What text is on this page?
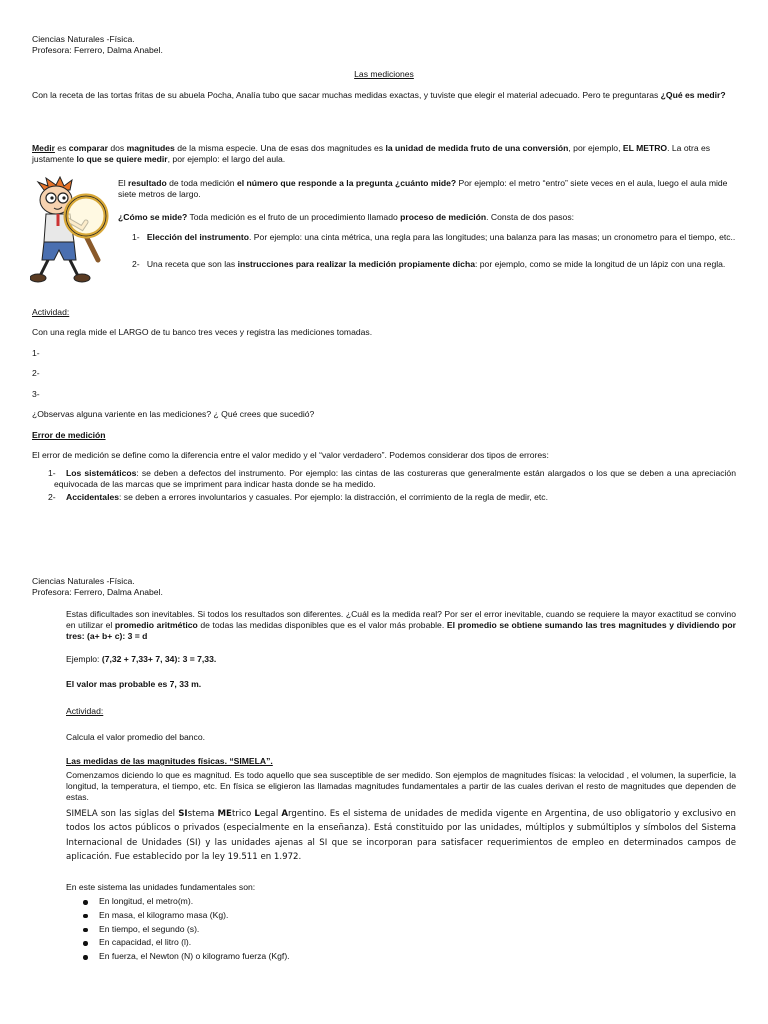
Ciencias Naturales -Física.
Profesora: Ferrero, Dalma Anabel.
Las mediciones
Con la receta de las tortas fritas de su abuela Pocha, Analía tubo que sacar muchas medidas exactas, y tuviste que elegir el material adecuado. Pero te preguntaras ¿Qué es medir?
Medir es comparar dos magnitudes de la misma especie. Una de esas dos magnitudes es la unidad de medida fruto de una conversión, por ejemplo, EL METRO. La otra es justamente lo que se quiere medir, por ejemplo: el largo del aula.
El resultado de toda medición el número que responde a la pregunta ¿cuánto mide? Por ejemplo: el metro “entro” siete veces en el aula, luego el aula mide siete metros de largo.
¿Cómo se mide? Toda medición es el fruto de un procedimiento llamado proceso de medición. Consta de dos pasos:
1- Elección del instrumento. Por ejemplo: una cinta métrica, una regla para las longitudes; una balanza para las masas; un cronometro para el tiempo, etc..
2- Una receta que son las instrucciones para realizar la medición propiamente dicha: por ejemplo, como se mide la longitud de un lápiz con una regla.
Actividad:
Con una regla mide el LARGO de tu banco tres veces y registra las mediciones tomadas.
1-
2-
3-
¿Observas alguna variente en las mediciones? ¿ Qué crees que sucedió?
Error de medición
El error de medición se define como la diferencia entre el valor medido y el “valor verdadero”. Podemos considerar dos tipos de errores:
1- Los sistemáticos: se deben a defectos del instrumento. Por ejemplo: las cintas de las costureras que generalmente están alargados o los que se deben a una apreciación equivocada de las marcas que se impriment para indicar hasta donde se ha medido.
2- Accidentales: se deben a errores involuntarios y casuales. Por ejemplo: la distracción, el corrimiento de la regla de medir, etc.
Ciencias Naturales -Física.
Profesora: Ferrero, Dalma Anabel.
Estas dificultades son inevitables. Si todos los resultados son diferentes. ¿Cuál es la medida real? Por ser el error inevitable, cuando se requiere la mayor exactitud se convino en utilizar el promedio aritmético de todas las medidas disponibles que es el valor más probable. El promedio se obtiene sumando las tres magnitudes y dividiendo por tres: (a+ b+ c): 3 = d
Ejemplo: (7,32 + 7,33+ 7, 34): 3 = 7,33.
El valor mas probable es 7, 33 m.
Actividad:
Calcula el valor promedio del banco.
Las medidas de las magnitudes físicas. “SIMELA”.
Comenzamos diciendo lo que es magnitud. Es todo aquello que sea susceptible de ser medido. Son ejemplos de magnitudes físicas: la velocidad , el volumen, la superficie, la longitud, la temperatura, el tiempo, etc. En física se eligieron las llamadas magnitudes fundamentales a partir de las cuales derivan el resto de magnitudes que dependen de estas.
SIMELA son las siglas del SIstema MEtrico Legal Argentino. Es el sistema de unidades de medida vigente en Argentina, de uso obligatorio y exclusivo en todos los actos públicos o privados (especialmente en la enseñanza). Está constituido por las unidades, múltiplos y submúltiplos y símbolos del Sistema Internacional de Unidades (SI) y las unidades ajenas al SI que se incorporan para satisfacer requerimientos de empleo en determinados campos de aplicación. Fue establecido por la ley 19.511 en 1.972.
En este sistema las unidades fundamentales son:
En longitud, el metro(m).
En masa, el kilogramo masa (Kg).
En tiempo, el segundo (s).
En capacidad, el litro (l).
En fuerza, el Newton (N) o kilogramo fuerza (Kgf).
